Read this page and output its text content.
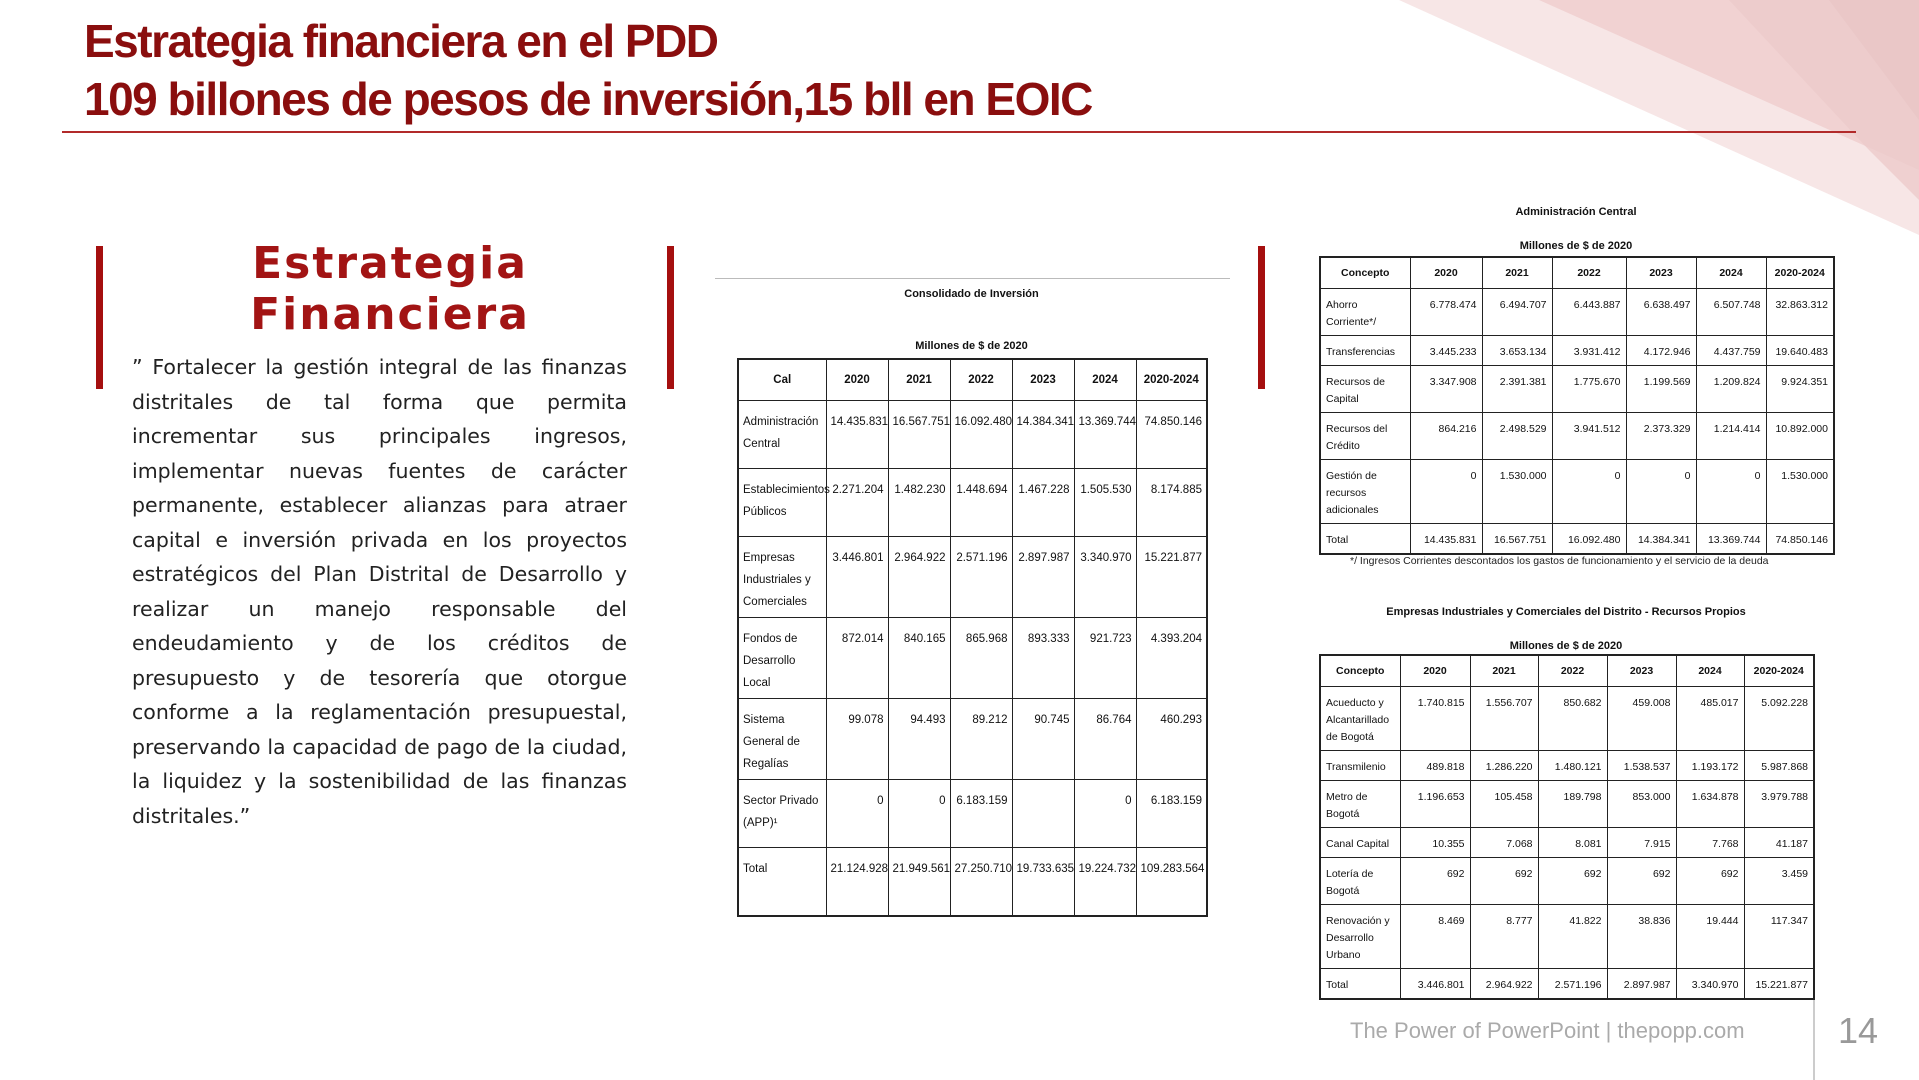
Estrategia financiera en el PDD
109 billones de pesos de inversión,15 bll en EOIC
Estrategia Financiera
” Fortalecer la gestión integral de las finanzas distritales de tal forma que permita incrementar sus principales ingresos, implementar nuevas fuentes de carácter permanente, establecer alianzas para atraer capital e inversión privada en los proyectos estratégicos del Plan Distrital de Desarrollo y realizar un manejo responsable del endeudamiento y de los créditos de presupuesto y de tesorería que otorgue conforme a la reglamentación presupuestal, preservando la capacidad de pago de la ciudad, la liquidez y la sostenibilidad de las finanzas distritales.”
Consolidado de Inversión
Millones de $ de 2020
Cal	2020	2021	2022	2023	2024	2020-2024
Administración Central	14.435.831	16.567.751	16.092.480	14.384.341	13.369.744	74.850.146
Establecimientos Públicos	2.271.204	1.482.230	1.448.694	1.467.228	1.505.530	8.174.885
Empresas Industriales y Comerciales	3.446.801	2.964.922	2.571.196	2.897.987	3.340.970	15.221.877
Fondos de Desarrollo Local	872.014	840.165	865.968	893.333	921.723	4.393.204
Sistema General de Regalías	99.078	94.493	89.212	90.745	86.764	460.293
Sector Privado (APP)¹	0	0	6.183.159		0	6.183.159
Total	21.124.928	21.949.561	27.250.710	19.733.635	19.224.732	109.283.564
Administración Central
Millones de $ de 2020
Concepto	2020	2021	2022	2023	2024	2020-2024
Ahorro Corriente*/	6.778.474	6.494.707	6.443.887	6.638.497	6.507.748	32.863.312
Transferencias	3.445.233	3.653.134	3.931.412	4.172.946	4.437.759	19.640.483
Recursos de Capital	3.347.908	2.391.381	1.775.670	1.199.569	1.209.824	9.924.351
Recursos del Crédito	864.216	2.498.529	3.941.512	2.373.329	1.214.414	10.892.000
Gestión de recursos adicionales	0	1.530.000	0	0	0	1.530.000
Total	14.435.831	16.567.751	16.092.480	14.384.341	13.369.744	74.850.146
*/ Ingresos Corrientes descontados los gastos de funcionamiento y el servicio de la deuda
Empresas Industriales y Comerciales del Distrito - Recursos Propios
Millones de $ de 2020
Concepto	2020	2021	2022	2023	2024	2020-2024
Acueducto y Alcantarillado de Bogotá	1.740.815	1.556.707	850.682	459.008	485.017	5.092.228
Transmilenio	489.818	1.286.220	1.480.121	1.538.537	1.193.172	5.987.868
Metro de Bogotá	1.196.653	105.458	189.798	853.000	1.634.878	3.979.788
Canal Capital	10.355	7.068	8.081	7.915	7.768	41.187
Lotería de Bogotá	692	692	692	692	692	3.459
Renovación y Desarrollo Urbano	8.469	8.777	41.822	38.836	19.444	117.347
Total	3.446.801	2.964.922	2.571.196	2.897.987	3.340.970	15.221.877
The Power of PowerPoint | thepopp.com	14
